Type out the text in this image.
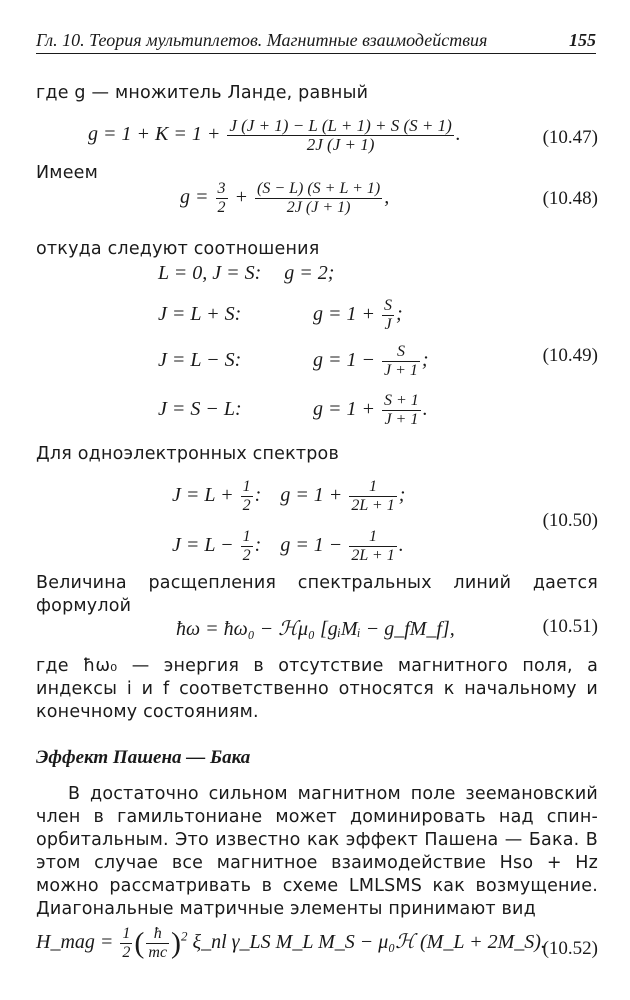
Гл. 10. Теория мультиплетов. Магнитные взаимодействия	155
где g — множитель Ланде, равный
$g = 1 + K = 1 + \frac{J (J + 1) - L (L + 1) + S (S + 1)}{2J (J + 1)}$ .	(10.47)
Имеем
$g = \frac{3}{2} + \frac{(S - L) (S + L + 1)}{2J (J + 1)}$ ,	(10.48)
откуда следуют соотношения
L = 0, J = S: g = 2;
J = L + S:	$g = 1 + \frac{S}{J}$ ;
J = L − S:	$g = 1 - \frac{S}{J + 1}$ ;	(10.49)
J = S − L:	$g = 1 + \frac{S + 1}{J + 1}$ .
Для одноэлектронных спектров
$J = L + \frac{1}{2}$ : $g = 1 + \frac{1}{2L + 1}$ ;
(10.50)
$J = L - \frac{1}{2}$ : $g = 1 - \frac{1}{2L + 1}$ .
Величина расщепления спектральных линий дается формулой
ħω = ħω₀ − ℋμ₀ [gᵢMᵢ − g_fM_f],	(10.51)
где ħω₀ — энергия в отсутствие магнитного поля, а индексы i и f соответственно относятся к начальному и конечному состояниям.
Эффект Пашена — Бака
В достаточно сильном магнитном поле зеемановский член в гамильтониане может доминировать над спин-орбитальным. Это известно как эффект Пашена — Бака. В этом случае все магнитное взаимодействие Hso + Hz можно рассматривать в схеме LMLSMS как возмущение. Диагональные матричные элементы принимают вид
H_mag = $\frac{1}{2}$ ( $\frac{ħ}{mc} )^2$ ξ_nl γ_LS M_L M_S − μ₀ℋ (M_L + 2M_S).
(10.52)
